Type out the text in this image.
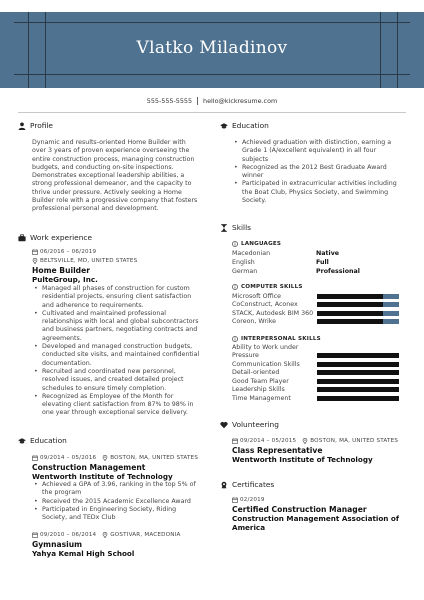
Vlatko Miladinov
555-555-5555 hello@kickresume.com
Profile
Dynamic and results-oriented Home Builder with
over 3 years of proven experience overseeing the
entire construction process, managing construction
budgets, and conducting on-site inspections.
Demonstrates exceptional leadership abilities, a
strong professional demeanor, and the capacity to
thrive under pressure. Actively seeking a Home
Builder role with a progressive company that fosters
professional personal and development.
Work experience
06/2016 – 06/2019
BELTSVILLE, MD, UNITED STATES
Home Builder
PulteGroup, Inc.
• Managed all phases of construction for custom
residential projects, ensuring client satisfaction
and adherence to requirements.
• Cultivated and maintained professional
relationships with local and global subcontractors
and business partners, negotiating contracts and
agreements.
• Developed and managed construction budgets,
conducted site visits, and maintained confidential
documentation.
• Recruited and coordinated new personnel,
resolved issues, and created detailed project
schedules to ensure timely completion.
• Recognized as Employee of the Month for
elevating client satisfaction from 87% to 98% in
one year through exceptional service delivery.
Education
09/2014 – 05/2016	BOSTON, MA, UNITED STATES
Construction Management
Wentworth Institute of Technology
• Achieved a GPA of 3.96, ranking in the top 5% of
the program
• Received the 2015 Academic Excellence Award
• Participated in Engineering Society, Riding
Society, and TEDx Club
09/2010 – 06/2014	GOSTIVAR, MACEDONIA
Gymnasium
Yahya Kemal High School
Education
• Achieved graduation with distinction, earning a
Grade 1 (A/excellent equivalent) in all four
subjects
• Recognized as the 2012 Best Graduate Award
winner
• Participated in extracurricular activities including
the Boat Club, Physics Society, and Swimming
Society.
Skills
LANGUAGES
Macedonian	Native
English	Full
German	Professional
COMPUTER SKILLS
Microsoft Office
CoConstruct, Aconex
STACK, Autodesk BIM 360
Coreon, Wrike
INTERPERSONAL SKILLS
Ability to Work under
Pressure
Communication Skills
Detail-oriented
Good Team Player
Leadership Skills
Time Management
Volunteering
09/2014 – 05/2015	BOSTON, MA, UNITED STATES
Class Representative
Wentworth Institute of Technology
Certificates
02/2019
Certified Construction Manager
Construction Management Association of
America
